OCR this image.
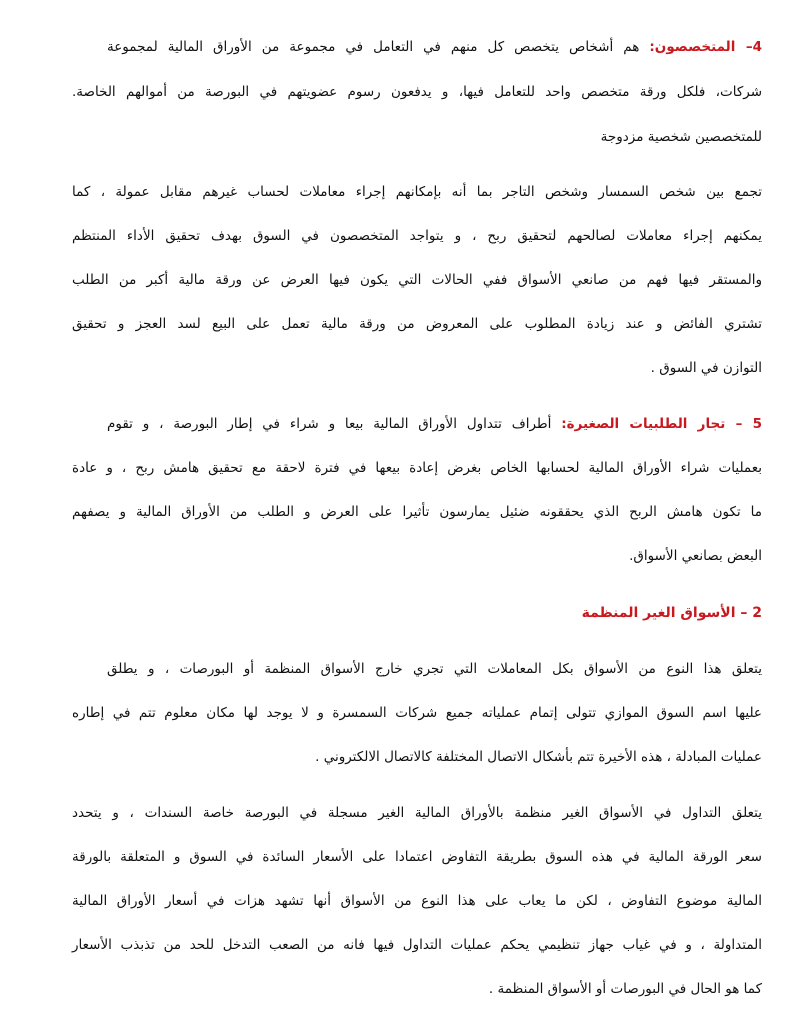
4– المتخصصون: هم أشخاص يتخصص كل منهم في التعامل في مجموعة من الأوراق المالية لمجموعة
شركات، فلكل ورقة متخصص واحد للتعامل فيها، و يدفعون رسوم عضويتهم في البورصة من أموالهم الخاصة.
للمتخصصين شخصية مزدوجة
تجمع بين شخص السمسار وشخص التاجر بما أنه بإمكانهم إجراء معاملات لحساب غيرهم مقابل عمولة ، كما
يمكنهم إجراء معاملات لصالحهم لتحقيق ربح ، و يتواجد المتخصصون في السوق بهدف تحقيق الأداء المنتظم
والمستقر فيها فهم من صانعي الأسواق ففي الحالات التي يكون فيها العرض عن ورقة مالية أكبر من الطلب
تشتري الفائض و عند زيادة المطلوب على المعروض من ورقة مالية تعمل على البيع لسد العجز و تحقيق
التوازن في السوق .
5 – تجار الطلبيات الصغيرة: أطراف تتداول الأوراق المالية بيعا و شراء في إطار البورصة ، و تقوم
بعمليات شراء الأوراق المالية لحسابها الخاص بغرض إعادة بيعها في فترة لاحقة مع تحقيق هامش ربح ، و عادة
ما تكون هامش الربح الذي يحققونه ضئيل يمارسون تأثيرا على العرض و الطلب من الأوراق المالية و يصفهم
البعض بصانعي الأسواق.
2 – الأسواق الغير المنظمة
يتعلق هذا النوع من الأسواق بكل المعاملات التي تجري خارج الأسواق المنظمة أو البورصات ، و يطلق
عليها اسم السوق الموازي تتولى إتمام عملياته جميع شركات السمسرة و لا يوجد لها مكان معلوم تتم في إطاره
عمليات المبادلة ، هذه الأخيرة تتم بأشكال الاتصال المختلفة كالاتصال الالكتروني .
يتعلق التداول في الأسواق الغير منظمة بالأوراق المالية الغير مسجلة في البورصة خاصة السندات ، و يتحدد
سعر الورقة المالية في هذه السوق بطريقة التفاوض اعتمادا على الأسعار السائدة في السوق و المتعلقة بالورقة
المالية موضوع التفاوض ، لكن ما يعاب على هذا النوع من الأسواق أنها تشهد هزات في أسعار الأوراق المالية
المتداولة ، و في غياب جهاز تنظيمي يحكم عمليات التداول فيها فانه من الصعب التدخل للحد من تذبذب الأسعار
كما هو الحال في البورصات أو الأسواق المنظمة .
